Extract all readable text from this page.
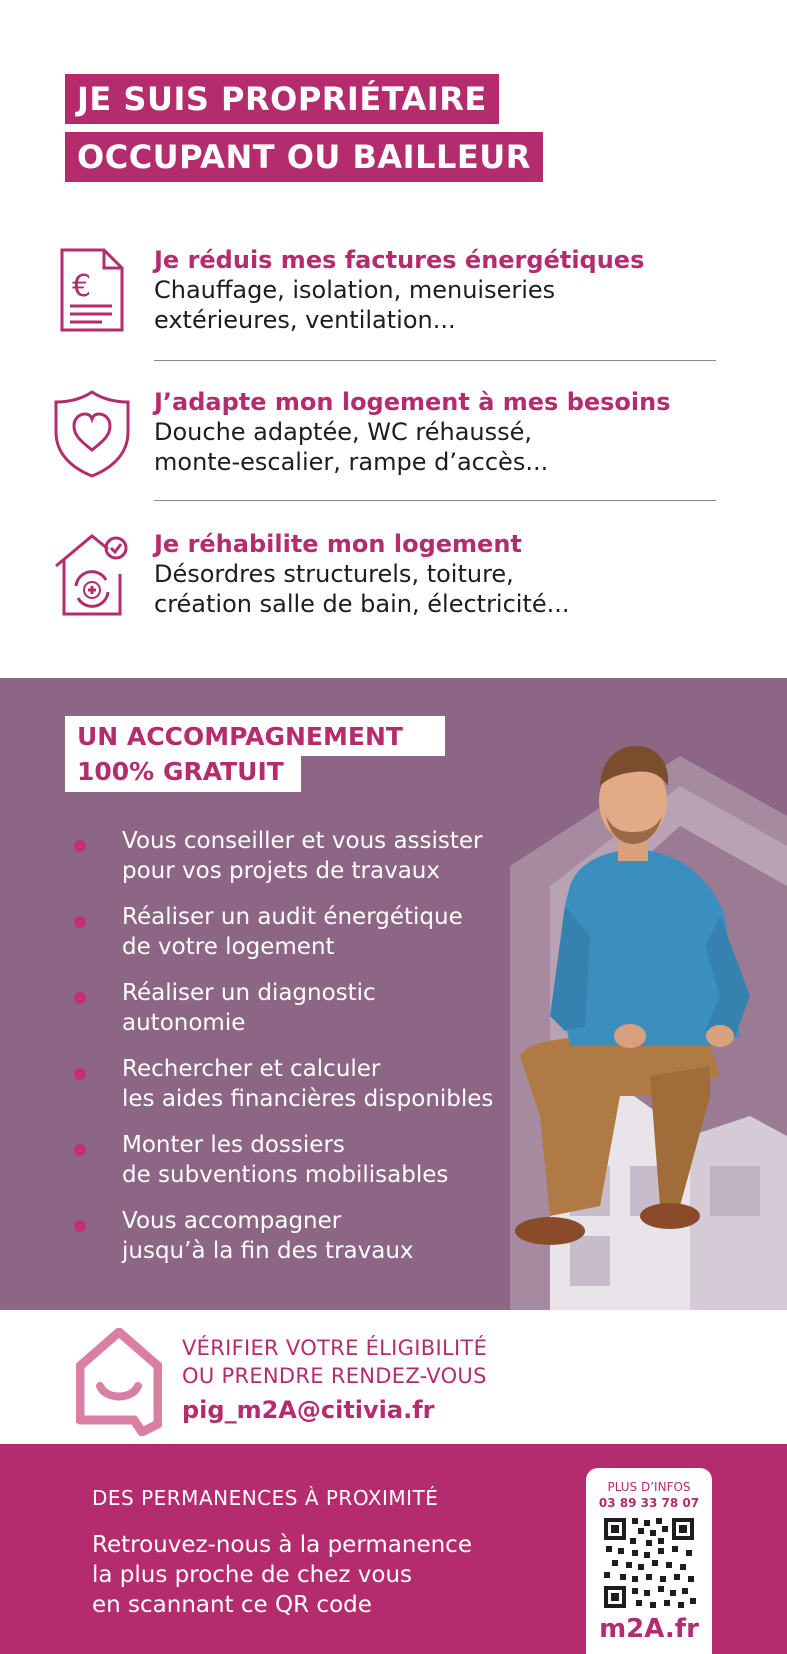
JE SUIS PROPRIÉTAIRE
OCCUPANT OU BAILLEUR
€
Je réduis mes factures énergétiques
Chauffage, isolation, menuiseries
extérieures, ventilation...
J’adapte mon logement à mes besoins
Douche adaptée, WC réhaussé,
monte-escalier, rampe d’accès...
Je réhabilite mon logement
Désordres structurels, toiture,
création salle de bain, électricité...
UN ACCOMPAGNEMENT
100% GRATUIT
Vous conseiller et vous assister
pour vos projets de travaux
Réaliser un audit énergétique
de votre logement
Réaliser un diagnostic
autonomie
Rechercher et calculer
les aides financières disponibles
Monter les dossiers
de subventions mobilisables
Vous accompagner
jusqu’à la fin des travaux
VÉRIFIER VOTRE ÉLIGIBILITÉ
OU PRENDRE RENDEZ-VOUS
pig_m2A@citivia.fr
DES PERMANENCES À PROXIMITÉ
Retrouvez-nous à la permanence
la plus proche de chez vous
en scannant ce QR code
PLUS D’INFOS
03 89 33 78 07
m2A.fr
